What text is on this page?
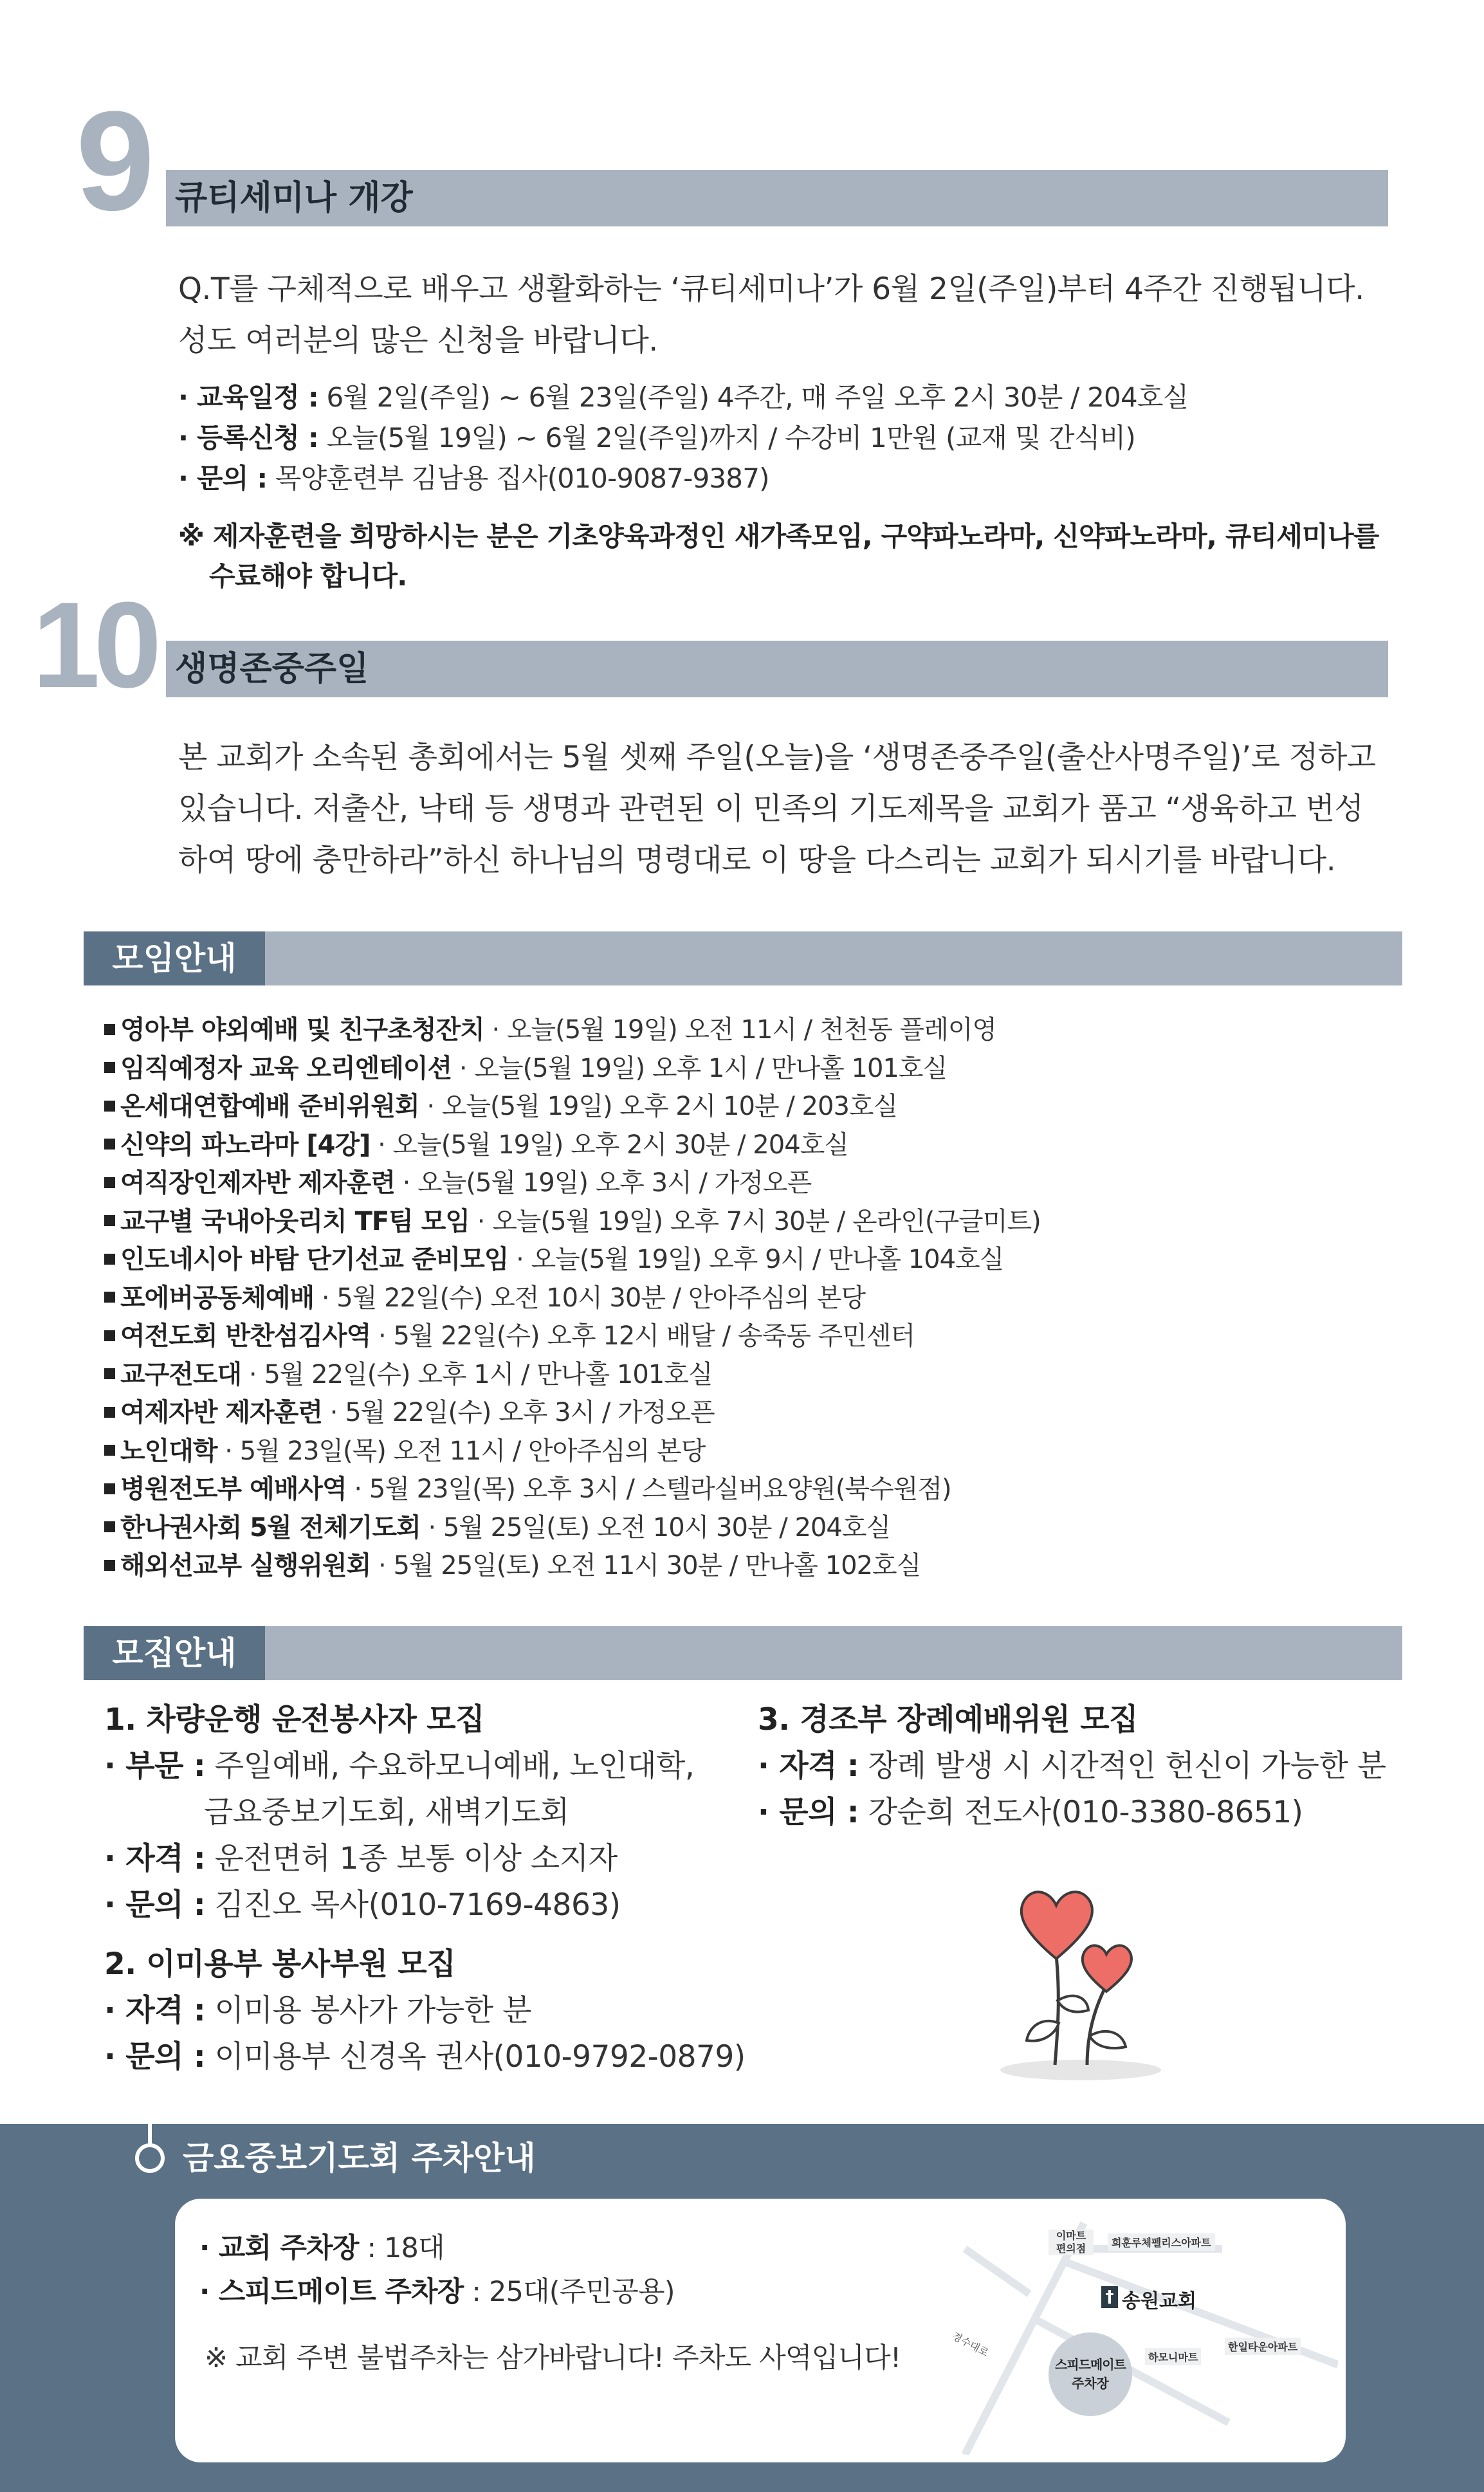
9 큐티세미나 개강
Q.T를 구체적으로 배우고 생활화하는 ‘큐티세미나’가 6월 2일(주일)부터 4주간 진행됩니다.
성도 여러분의 많은 신청을 바랍니다.
· 교육일정 : 6월 2일(주일) ~ 6월 23일(주일) 4주간, 매 주일 오후 2시 30분 / 204호실
· 등록신청 : 오늘(5월 19일) ~ 6월 2일(주일)까지 / 수강비 1만원 (교재 및 간식비)
· 문의 : 목양훈련부 김남용 집사(010-9087-9387)
※ 제자훈련을 희망하시는 분은 기초양육과정인 새가족모임, 구약파노라마, 신약파노라마, 큐티세미나를
수료해야 합니다.
10 생명존중주일
본 교회가 소속된 총회에서는 5월 셋째 주일(오늘)을 ‘생명존중주일(출산사명주일)’로 정하고
있습니다. 저출산, 낙태 등 생명과 관련된 이 민족의 기도제목을 교회가 품고 “생육하고 번성
하여 땅에 충만하라”하신 하나님의 명령대로 이 땅을 다스리는 교회가 되시기를 바랍니다.
모임안내
영아부 야외예배 및 친구초청잔치 · 오늘(5월 19일) 오전 11시 / 천천동 플레이영
임직예정자 교육 오리엔테이션 · 오늘(5월 19일) 오후 1시 / 만나홀 101호실
온세대연합예배 준비위원회 · 오늘(5월 19일) 오후 2시 10분 / 203호실
신약의 파노라마 [4강] · 오늘(5월 19일) 오후 2시 30분 / 204호실
여직장인제자반 제자훈련 · 오늘(5월 19일) 오후 3시 / 가정오픈
교구별 국내아웃리치 TF팀 모임 · 오늘(5월 19일) 오후 7시 30분 / 온라인(구글미트)
인도네시아 바탐 단기선교 준비모임 · 오늘(5월 19일) 오후 9시 / 만나홀 104호실
포에버공동체예배 · 5월 22일(수) 오전 10시 30분 / 안아주심의 본당
여전도회 반찬섬김사역 · 5월 22일(수) 오후 12시 배달 / 송죽동 주민센터
교구전도대 · 5월 22일(수) 오후 1시 / 만나홀 101호실
여제자반 제자훈련 · 5월 22일(수) 오후 3시 / 가정오픈
노인대학 · 5월 23일(목) 오전 11시 / 안아주심의 본당
병원전도부 예배사역 · 5월 23일(목) 오후 3시 / 스텔라실버요양원(북수원점)
한나권사회 5월 전체기도회 · 5월 25일(토) 오전 10시 30분 / 204호실
해외선교부 실행위원회 · 5월 25일(토) 오전 11시 30분 / 만나홀 102호실
모집안내
1. 차량운행 운전봉사자 모집
· 부문 : 주일예배, 수요하모니예배, 노인대학,
금요중보기도회, 새벽기도회
· 자격 : 운전면허 1종 보통 이상 소지자
· 문의 : 김진오 목사(010-7169-4863)
2. 이미용부 봉사부원 모집
· 자격 : 이미용 봉사가 가능한 분
· 문의 : 이미용부 신경옥 권사(010-9792-0879)
3. 경조부 장례예배위원 모집
· 자격 : 장례 발생 시 시간적인 헌신이 가능한 분
· 문의 : 강순희 전도사(010-3380-8651)
금요중보기도회 주차안내
· 교회 주차장 : 18대
· 스피드메이트 주차장 : 25대(주민공용)
※ 교회 주변 불법주차는 삼가바랍니다! 주차도 사역입니다!
이마트
편의점	희훈루체펠리스아파트
† 송원교회
경수대로
스피드메이트
주차장
하모니마트
한일타운아파트
